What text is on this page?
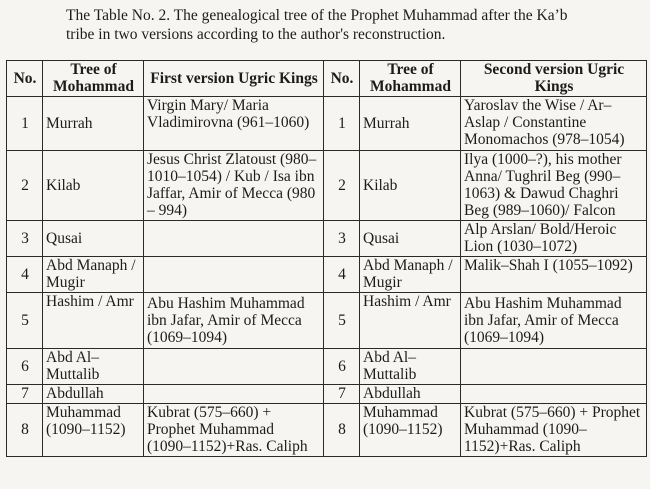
The Table No. 2. The genealogical tree of the Prophet Muhammad after the Ka’b
tribe in two versions according to the author's reconstruction.
No.	Tree of Mohammad	First version Ugric Kings	No.	Tree of Mohammad	Second version Ugric Kings
1	Murrah	Virgin Mary/ Maria Vladimirovna (961–1060)	1	Murrah	Yaroslav the Wise / Ar–Aslap / Constantine Monomachos (978–1054)
2	Kilab	Jesus Christ Zlatoust (980–1010–1054) / Kub / Isa ibn Jaffar, Amir of Mecca (980 – 994)	2	Kilab	Ilya (1000–?), his mother Anna/ Tughril Beg (990–1063) & Dawud Chaghri Beg (989–1060)/ Falcon
3	Qusai		3	Qusai	Alp Arslan/ Bold/Heroic Lion (1030–1072)
4	Abd Manaph / Mugir		4	Abd Manaph / Mugir	Malik–Shah I (1055–1092)
5	Hashim / Amr	Abu Hashim Muhammad ibn Jafar, Amir of Mecca (1069–1094)	5	Hashim / Amr	Abu Hashim Muhammad ibn Jafar, Amir of Mecca (1069–1094)
6	Abd Al–Muttalib		6	Abd Al–Muttalib	
7	Abdullah		7	Abdullah	
8	Muhammad (1090–1152)	Kubrat (575–660) + Prophet Muhammad (1090–1152)+Ras. Caliph	8	Muhammad (1090–1152)	Kubrat (575–660) + Prophet Muhammad (1090–1152)+Ras. Caliph
